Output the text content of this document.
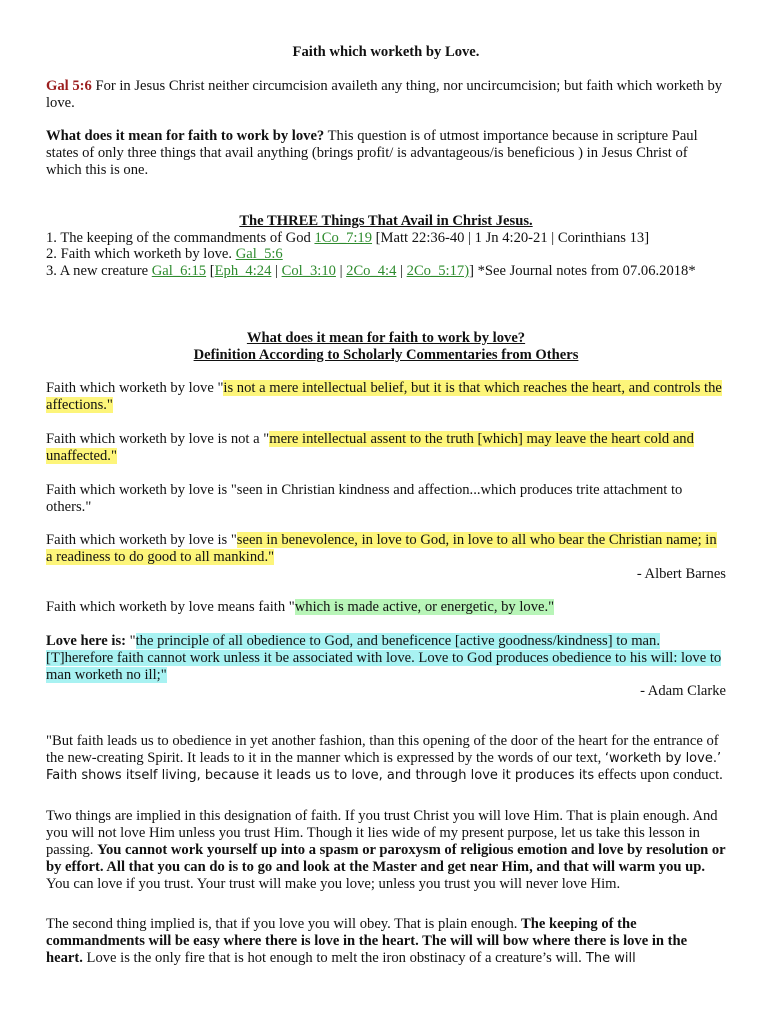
Faith which worketh by Love.

Gal 5:6 For in Jesus Christ neither circumcision availeth any thing, nor uncircumcision; but faith which worketh by love.

What does it mean for faith to work by love? This question is of utmost importance because in scripture Paul states of only three things that avail anything (brings profit/ is advantageous/is beneficious ) in Jesus Christ of which this is one.

The THREE Things That Avail in Christ Jesus.

1. The keeping of the commandments of God 1Co_7:19 [Matt 22:36-40 | 1 Jn 4:20-21 | Corinthians 13]

2. Faith which worketh by love. Gal_5:6

3. A new creature Gal_6:15 [Eph_4:24 | Col_3:10 | 2Co_4:4 | 2Co_5:17)] *See Journal notes from 07.06.2018*

What does it mean for faith to work by love?

Definition According to Scholarly Commentaries from Others

Faith which worketh by love "is not a mere intellectual belief, but it is that which reaches the heart, and controls the affections."

Faith which worketh by love is not a "mere intellectual assent to the truth [which] may leave the heart cold and unaffected."

Faith which worketh by love is "seen in Christian kindness and affection...which produces trite attachment to others."

Faith which worketh by love is "seen in benevolence, in love to God, in love to all who bear the Christian name; in a readiness to do good to all mankind."

- Albert Barnes

Faith which worketh by love means faith "which is made active, or energetic, by love."

Love here is: "the principle of all obedience to God, and beneficence [active goodness/kindness] to man. [T]herefore faith cannot work unless it be associated with love. Love to God produces obedience to his will: love to man worketh no ill;"

- Adam Clarke

"But faith leads us to obedience in yet another fashion, than this opening of the door of the heart for the entrance of the new-creating Spirit. It leads to it in the manner which is expressed by the words of our text, ‘worketh by love.’ Faith shows itself living, because it leads us to love, and through love it produces its effects upon conduct.

Two things are implied in this designation of faith. If you trust Christ you will love Him. That is plain enough. And you will not love Him unless you trust Him. Though it lies wide of my present purpose, let us take this lesson in passing. You cannot work yourself up into a spasm or paroxysm of religious emotion and love by resolution or by effort. All that you can do is to go and look at the Master and get near Him, and that will warm you up. You can love if you trust. Your trust will make you love; unless you trust you will never love Him.

The second thing implied is, that if you love you will obey. That is plain enough. The keeping of the commandments will be easy where there is love in the heart. The will will bow where there is love in the heart. Love is the only fire that is hot enough to melt the iron obstinacy of a creature’s will. The will
